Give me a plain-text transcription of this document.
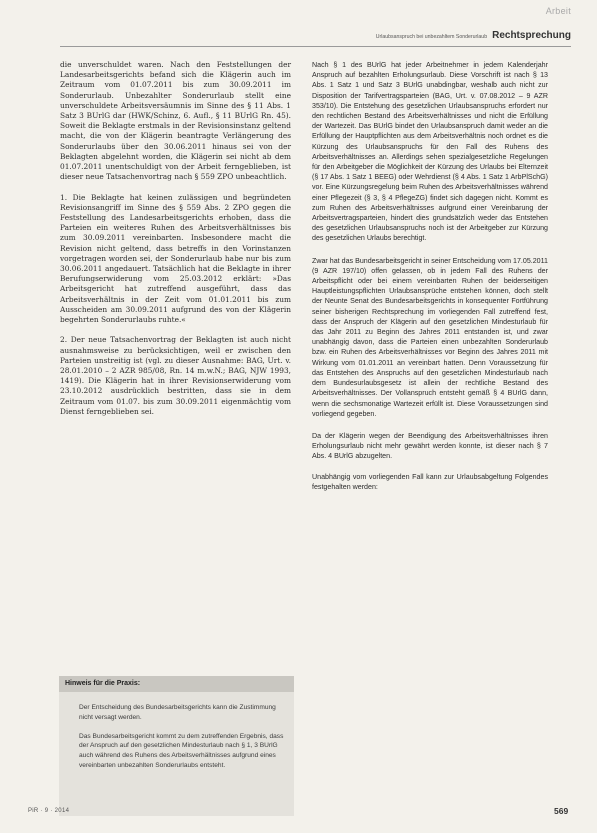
Arbeit
Urlaubsanspruch bei unbezahltem Sonderurlaub Rechtsprechung

die unverschuldet waren. Nach den Feststellungen der Landesarbeitsgerichts befand sich die Klägerin auch im Zeitraum vom 01.07.2011 bis zum 30.09.2011 im Sonderurlaub. Unbezahlter Sonderurlaub stellt eine unverschuldete Arbeitsversäumnis im Sinne des § 11 Abs. 1 Satz 3 BUrlG dar (HWK/Schinz, 6. Aufl., § 11 BUrlG Rn. 45). Soweit die Beklagte erstmals in der Revisionsinstanz geltend macht, die von der Klägerin beantragte Verlängerung des Sonderurlaubs über den 30.06.2011 hinaus sei von der Beklagten abgelehnt worden, die Klägerin sei nicht ab dem 01.07.2011 unentschuldigt von der Arbeit ferngeblieben, ist dieser neue Tatsachenvortrag nach § 559 ZPO unbeachtlich.

1. Die Beklagte hat keinen zulässigen und begründeten Revisionsangriff im Sinne des § 559 Abs. 2 ZPO gegen die Feststellung des Landesarbeitsgerichts erhoben, dass die Parteien ein weiteres Ruhen des Arbeitsverhältnisses bis zum 30.09.2011 vereinbarten. Insbesondere macht die Revision nicht geltend, dass betreffs in den Vorinstanzen vorgetragen worden sei, der Sonderurlaub habe nur bis zum 30.06.2011 angedauert. Tatsächlich hat die Beklagte in ihrer Berufungserwiderung vom 25.03.2012 erklärt: »Das Arbeitsgericht hat zutreffend ausgeführt, dass das Arbeitsverhältnis in der Zeit vom 01.01.2011 bis zum Ausscheiden am 30.09.2011 aufgrund des von der Klägerin begehrten Sonderurlaubs ruhte.«

2. Der neue Tatsachenvortrag der Beklagten ist auch nicht ausnahmsweise zu berücksichtigen, weil er zwischen den Parteien unstreitig ist (vgl. zu dieser Ausnahme: BAG, Urt. v. 28.01.2010 – 2 AZR 985/08, Rn. 14 m.w.N.; BAG, NJW 1993, 1419). Die Klägerin hat in ihrer Revisionserwiderung vom 23.10.2012 ausdrücklich bestritten, dass sie in dem Zeitraum vom 01.07. bis zum 30.09.2011 eigenmächtig vom Dienst ferngeblieben sei.

Hinweis für die Praxis:

Der Entscheidung des Bundesarbeitsgerichts kann die Zustimmung nicht versagt werden.

Das Bundesarbeitsgericht kommt zu dem zutreffenden Ergebnis, dass der Anspruch auf den gesetzlichen Mindesturlaub nach § 1, 3 BUrlG auch während des Ruhens des Arbeitsverhältnisses aufgrund eines vereinbarten unbezahlten Sonderurlaubs entsteht.

Nach § 1 des BUrlG hat jeder Arbeitnehmer in jedem Kalenderjahr Anspruch auf bezahlten Erholungsurlaub. Diese Vorschrift ist nach § 13 Abs. 1 Satz 1 und Satz 3 BUrlG unabdingbar, weshalb auch nicht zur Disposition der Tarifvertragsparteien (BAG, Urt. v. 07.08.2012 – 9 AZR 353/10). Die Entstehung des gesetzlichen Urlaubsanspruchs erfordert nur den rechtlichen Bestand des Arbeitsverhältnisses und nicht die Erfüllung der Wartezeit. Das BUrlG bindet den Urlaubsanspruch damit weder an die Erfüllung der Hauptpflichten aus dem Arbeitsverhältnis noch ordnet es die Kürzung des Urlaubsanspruchs für den Fall des Ruhens des Arbeitsverhältnisses an. Allerdings sehen spezialgesetzliche Regelungen für den Arbeitgeber die Möglichkeit der Kürzung des Urlaubs bei Elternzeit (§ 17 Abs. 1 Satz 1 BEEG) oder Wehrdienst (§ 4 Abs. 1 Satz 1 ArbPlSchG) vor. Eine Kürzungsregelung beim Ruhen des Arbeitsverhältnisses während einer Pflegezeit (§ 3, § 4 PflegeZG) findet sich dagegen nicht. Kommt es zum Ruhen des Arbeitsverhältnisses aufgrund einer Vereinbarung der Arbeitsvertragsparteien, hindert dies grundsätzlich weder das Entstehen des gesetzlichen Urlaubsanspruchs noch ist der Arbeitgeber zur Kürzung des gesetzlichen Urlaubs berechtigt.

Zwar hat das Bundesarbeitsgericht in seiner Entscheidung vom 17.05.2011 (9 AZR 197/10) offen gelassen, ob in jedem Fall des Ruhens der Arbeitspflicht oder bei einem vereinbarten Ruhen der beiderseitigen Hauptleistungspflichten Urlaubsansprüche entstehen können, doch stellt der Neunte Senat des Bundesarbeitsgerichts in konsequenter Fortführung seiner bisherigen Rechtsprechung im vorliegenden Fall zutreffend fest, dass der Anspruch der Klägerin auf den gesetzlichen Mindesturlaub für das Jahr 2011 zu Beginn des Jahres 2011 entstanden ist, und zwar unabhängig davon, dass die Parteien einen unbezahlten Sonderurlaub bzw. ein Ruhen des Arbeitsverhältnisses vor Beginn des Jahres 2011 mit Wirkung vom 01.01.2011 an vereinbart hatten. Denn Voraussetzung für das Entstehen des Anspruchs auf den gesetzlichen Mindesturlaub nach dem Bundesurlaubsgesetz ist allein der rechtliche Bestand des Arbeitsverhältnisses. Der Vollanspruch entsteht gemäß § 4 BUrlG dann, wenn die sechsmonatige Wartezeit erfüllt ist. Diese Voraussetzungen sind vorliegend gegeben.

Da der Klägerin wegen der Beendigung des Arbeitsverhältnisses ihren Erholungsurlaub nicht mehr gewährt werden konnte, ist dieser nach § 7 Abs. 4 BUrlG abzugelten.

Unabhängig vom vorliegenden Fall kann zur Urlaubsabgeltung Folgendes festgehalten werden:

PiR · 9 · 2014	569
